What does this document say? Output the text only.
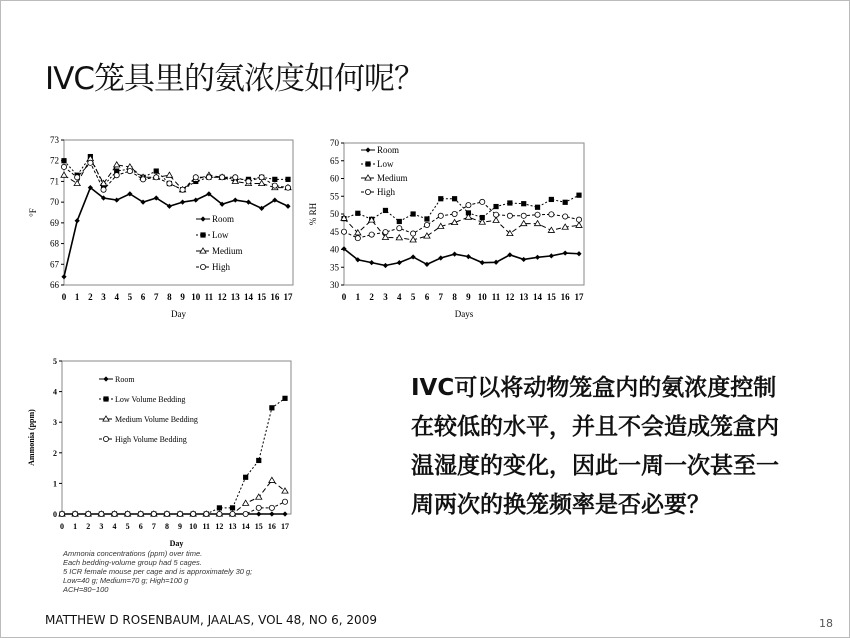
IVC笼具里的氨浓度如何呢？
66
67
68
69
70
71
72
73
0 1 2 3 4 5 6 7 8 9 10 11 12 13 14 15 16 17
Day
°F
Room
Low
Medium
High
30
35
40
45
50
55
60
65
70
0 1 2 3 4 5 6 7 8 9 10 11 12 13 14 15 16 17
Days
% RH
Room
Low
Medium
High
0
1
2
3
4
5
0 1 2 3 4 5 6 7 8 9 10 11 12 13 14 15 16 17
Day
Ammonia (ppm)
Room
Low Volume Bedding
Medium Volume Bedding
High Volume Bedding
IVC可以将动物笼盒内的氨浓度控制在较低的水平，并且不会造成笼盒内温湿度的变化，因此一周一次甚至一周两次的换笼频率是否必要？
Ammonia concentrations (ppm) over time.
Each bedding-volume group had 5 cages.
5 ICR female mouse per cage and is approximately 30 g;
Low=40 g; Medium=70 g; High=100 g
ACH=80~100
MATTHEW D ROSENBAUM, JAALAS, VOL 48, NO 6, 2009	18
